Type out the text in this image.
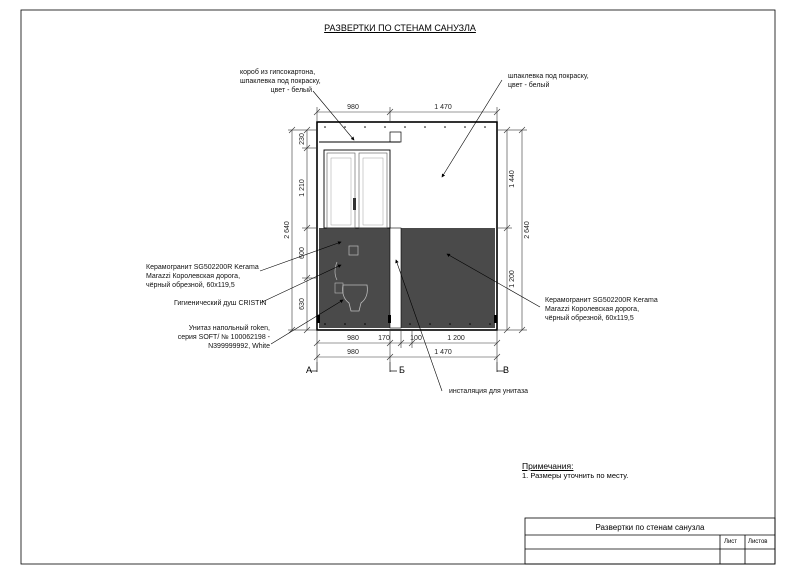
980	1 470
980	170	100	1 200
980	1 470
230
1 210
600
630
2 640
1 440
1 200
2 640
А	Б	В
РАЗВЕРТКИ ПО СТЕНАМ САНУЗЛА
короб из гипсокартона,
шпаклевка под покраску,
цвет - белый
шпаклевка под покраску,
цвет - белый
Керамогранит SG502200R Kerama
Marazzi Королевская дорога,
чёрный обрезной, 60х119,5
Гигиенический душ CRISTIN
Унитаз напольный roken,
серия SOFT/ № 100062198 -
N399999992, White
Керамогранит SG502200R Kerama
Marazzi Королевская дорога,
чёрный обрезной, 60х119,5
инсталяция для унитаза
Примечания:
1. Размеры уточнить по месту.
Развертки по стенам санузла
Лист Листов
